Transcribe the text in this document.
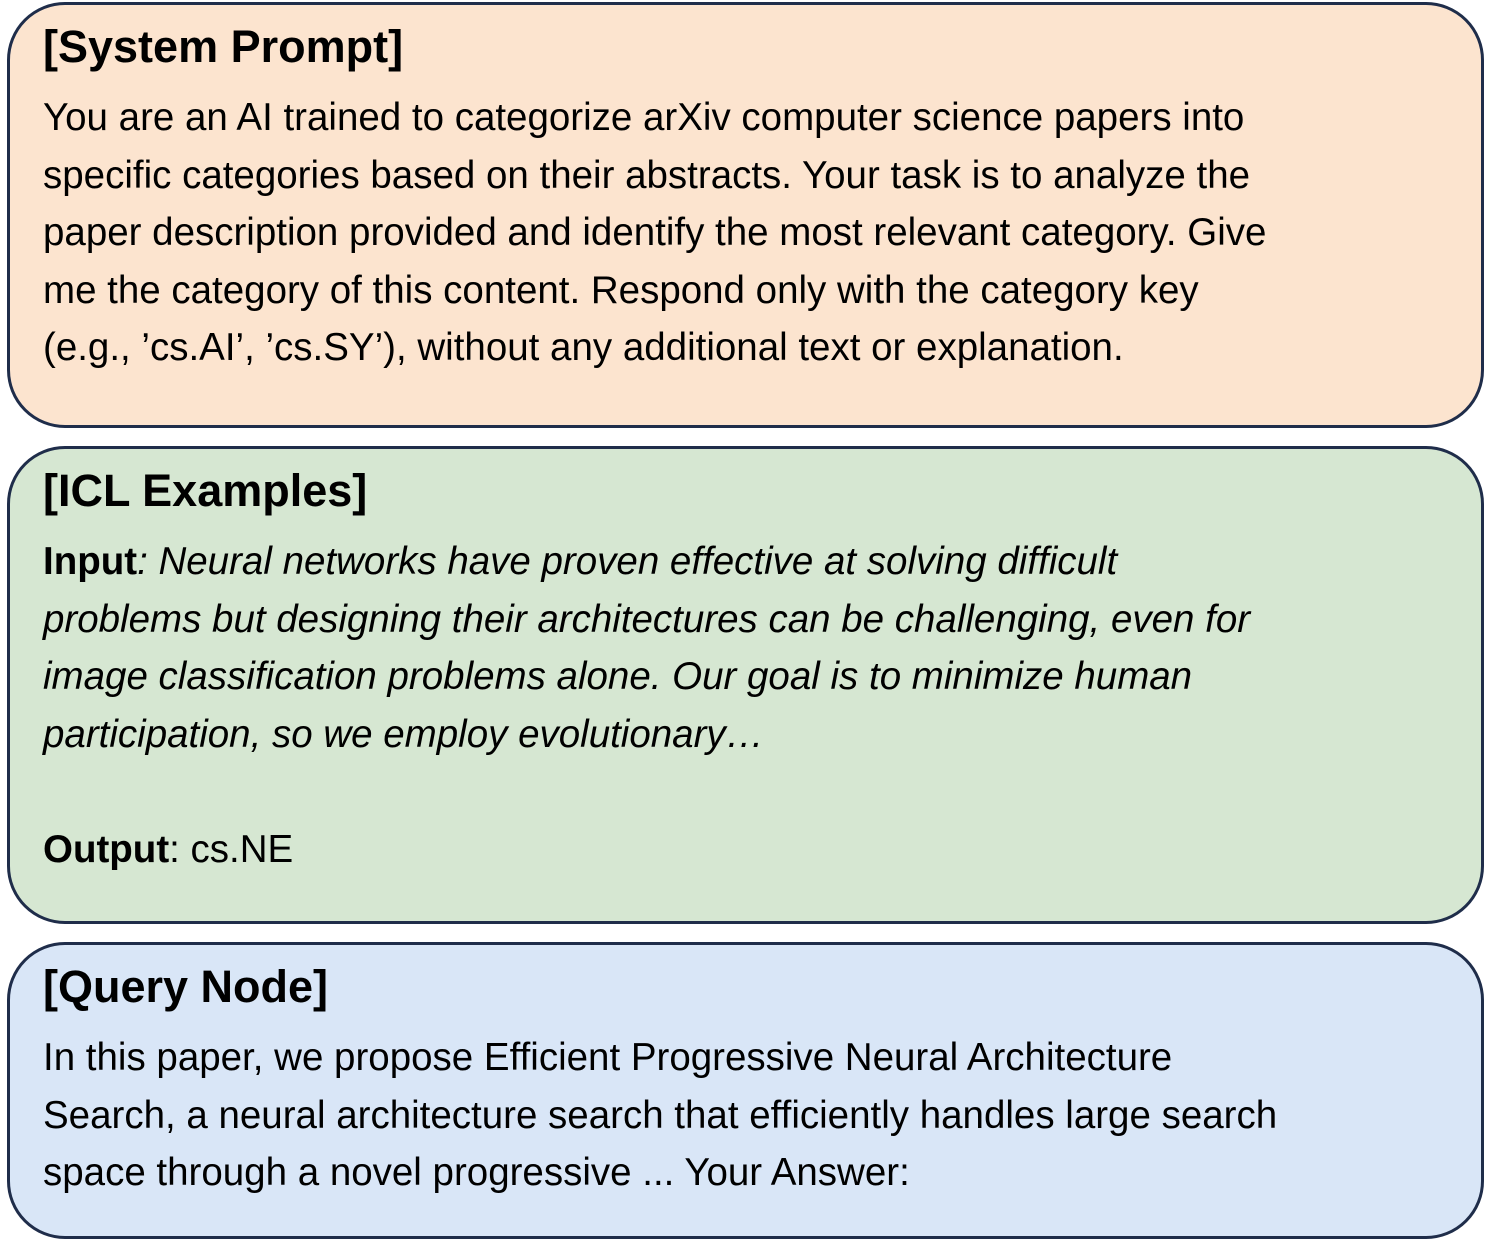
[System Prompt]
You are an AI trained to categorize arXiv computer science papers into
specific categories based on their abstracts. Your task is to analyze the
paper description provided and identify the most relevant category. Give
me the category of this content. Respond only with the category key
(e.g., ’cs.AI’, ’cs.SY’), without any additional text or explanation.
[ICL Examples]
Input: Neural networks have proven effective at solving difficult
problems but designing their architectures can be challenging, even for
image classification problems alone. Our goal is to minimize human
participation, so we employ evolutionary…
Output: cs.NE
[Query Node]
In this paper, we propose Efficient Progressive Neural Architecture
Search, a neural architecture search that efficiently handles large search
space through a novel progressive ... Your Answer:
